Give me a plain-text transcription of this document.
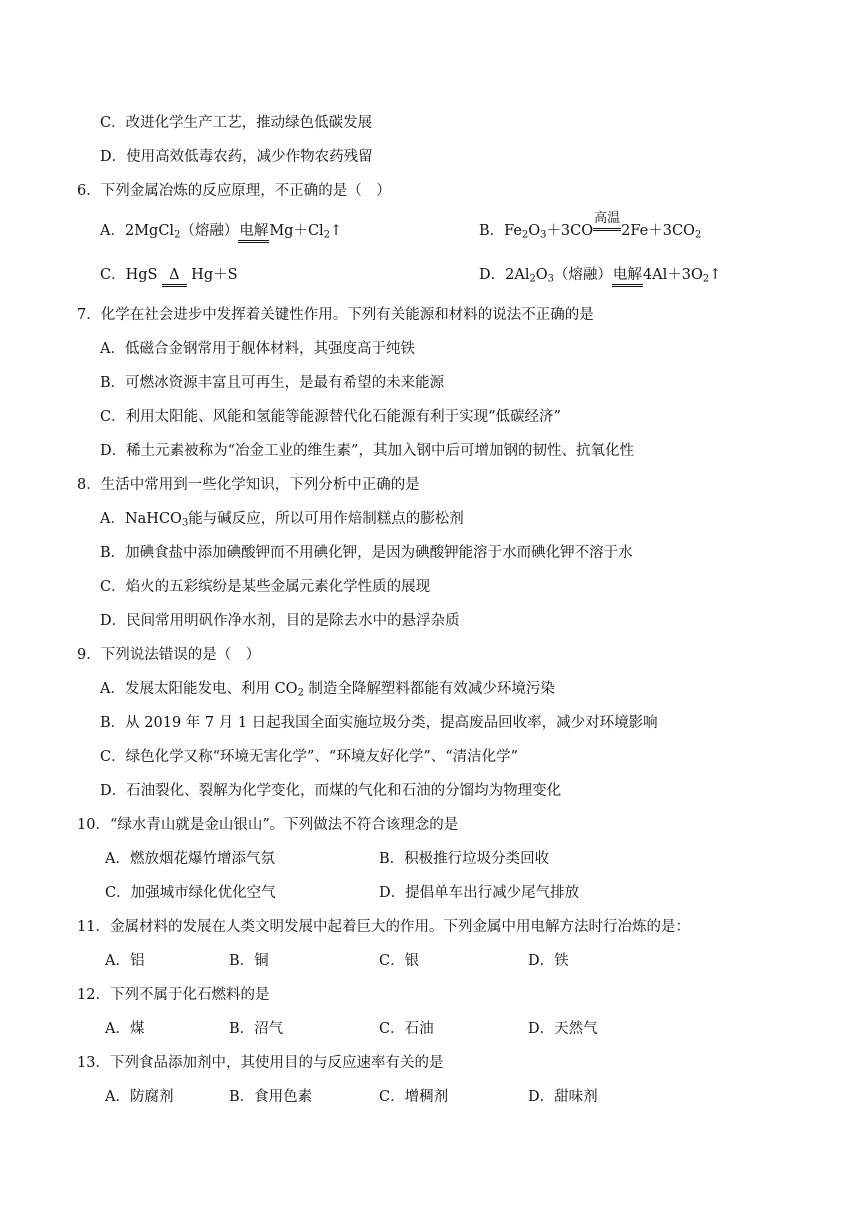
C．改进化学生产工艺，推动绿色低碳发展
D．使用高效低毒农药，减少作物农药残留
6．下列金属冶炼的反应原理，不正确的是（　）
A．2MgCl$_2$（熔融）电解$Mg+Cl_2↑$	B．$Fe_2O_3+3CO$
高温
$2Fe+3CO_2$
C．HgS Δ Hg＋S	D．$2Al_2O_3$（熔融）电解$4Al+3O_2↑$
7．化学在社会进步中发挥着关键性作用。下列有关能源和材料的说法不正确的是
A．低磁合金钢常用于舰体材料，其强度高于纯铁
B．可燃冰资源丰富且可再生，是最有希望的未来能源
C．利用太阳能、风能和氢能等能源替代化石能源有利于实现“低碳经济”
D．稀土元素被称为“冶金工业的维生素”，其加入钢中后可增加钢的韧性、抗氧化性
8．生活中常用到一些化学知识，下列分析中正确的是
A．NaHCO$_3$能与碱反应，所以可用作焙制糕点的膨松剂
B．加碘食盐中添加碘酸钾而不用碘化钾，是因为碘酸钾能溶于水而碘化钾不溶于水
C．焰火的五彩缤纷是某些金属元素化学性质的展现
D．民间常用明矾作净水剂，目的是除去水中的悬浮杂质
9．下列说法错误的是（　）
A．发展太阳能发电、利用 $CO_2$ 制造全降解塑料都能有效减少环境污染
B．从 2019 年 7 月 1 日起我国全面实施垃圾分类，提高废品回收率，减少对环境影响
C．绿色化学又称“环境无害化学”、“环境友好化学”、“清洁化学”
D．石油裂化、裂解为化学变化，而煤的气化和石油的分馏均为物理变化
10．“绿水青山就是金山银山”。下列做法不符合该理念的是
A．燃放烟花爆竹增添气氛	B．积极推行垃圾分类回收
C．加强城市绿化优化空气	D．提倡单车出行减少尾气排放
11．金属材料的发展在人类文明发展中起着巨大的作用。下列金属中用电解方法时行冶炼的是：
A．铝	B．铜	C．银	D．铁
12．下列不属于化石燃料的是
A．煤	B．沼气	C．石油	D．天然气
13．下列食品添加剂中，其使用目的与反应速率有关的是
A．防腐剂	B．食用色素	C．增稠剂	D．甜味剂
